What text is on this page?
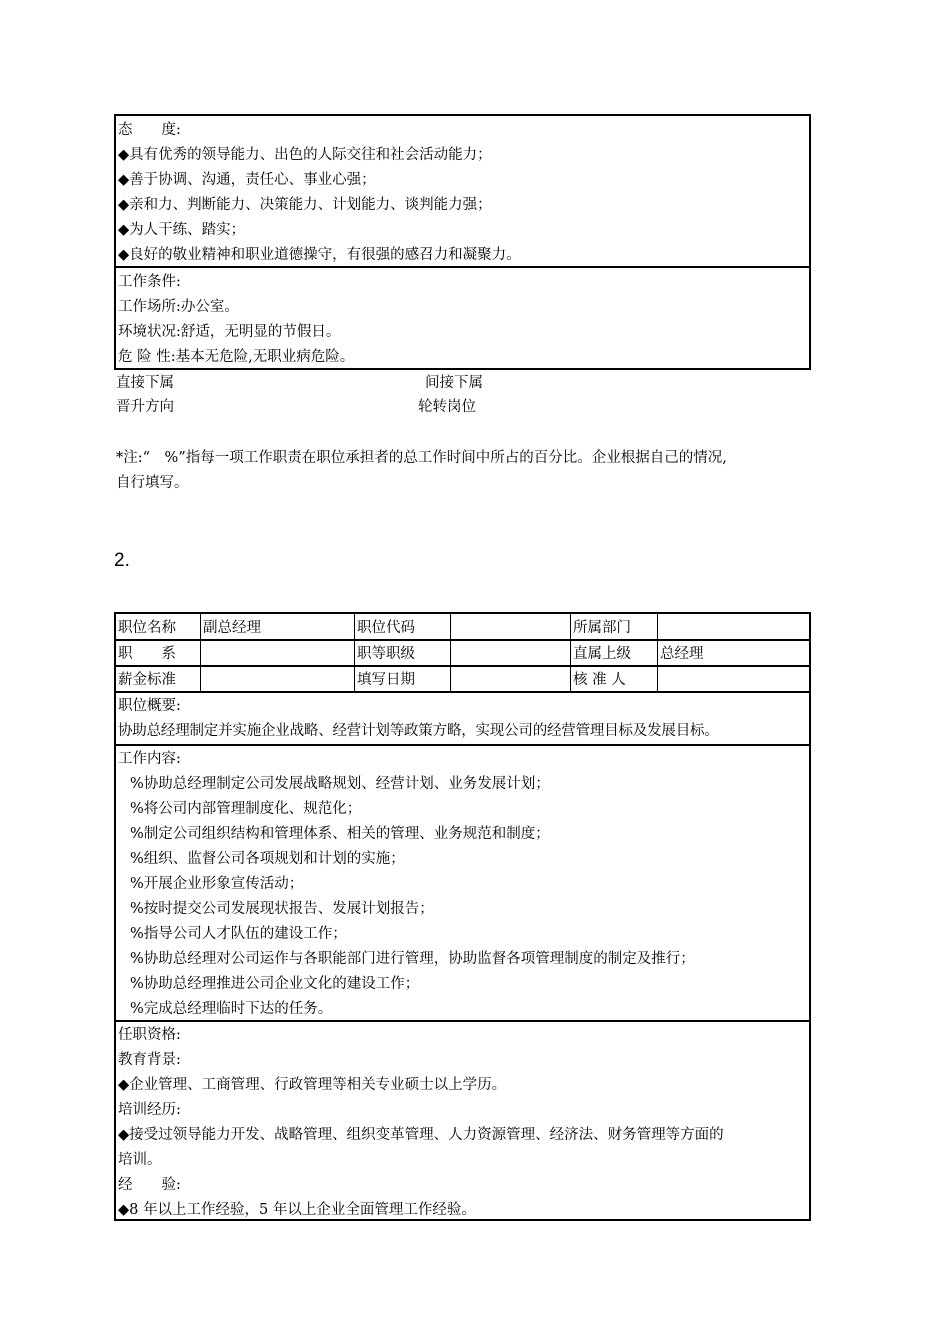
态　　度:
◆具有优秀的领导能力、出色的人际交往和社会活动能力；
◆善于协调、沟通，责任心、事业心强；
◆亲和力、判断能力、决策能力、计划能力、谈判能力强；
◆为人干练、踏实；
◆良好的敬业精神和职业道德操守，有很强的感召力和凝聚力。
工作条件:
工作场所:办公室。
环境状况:舒适，无明显的节假日。
危 险 性:基本无危险,无职业病危险。
直接下属	间接下属
晋升方向	轮转岗位
*注:“　%”指每一项工作职责在职位承担者的总工作时间中所占的百分比。企业根据自己的情况,
自行填写。
2.
职位名称 副总经理	职位代码	所属部门
职　　系	职等职级	直属上级 总经理
薪金标准	填写日期	核 准 人
职位概要:
协助总经理制定并实施企业战略、经营计划等政策方略，实现公司的经营管理目标及发展目标。
工作内容:
%协助总经理制定公司发展战略规划、经营计划、业务发展计划；
%将公司内部管理制度化、规范化；
%制定公司组织结构和管理体系、相关的管理、业务规范和制度；
%组织、监督公司各项规划和计划的实施；
%开展企业形象宣传活动；
%按时提交公司发展现状报告、发展计划报告；
%指导公司人才队伍的建设工作；
%协助总经理对公司运作与各职能部门进行管理，协助监督各项管理制度的制定及推行；
%协助总经理推进公司企业文化的建设工作；
%完成总经理临时下达的任务。
任职资格:
教育背景:
◆企业管理、工商管理、行政管理等相关专业硕士以上学历。
培训经历:
◆接受过领导能力开发、战略管理、组织变革管理、人力资源管理、经济法、财务管理等方面的
培训。
经　　验:
◆8 年以上工作经验，5 年以上企业全面管理工作经验。
